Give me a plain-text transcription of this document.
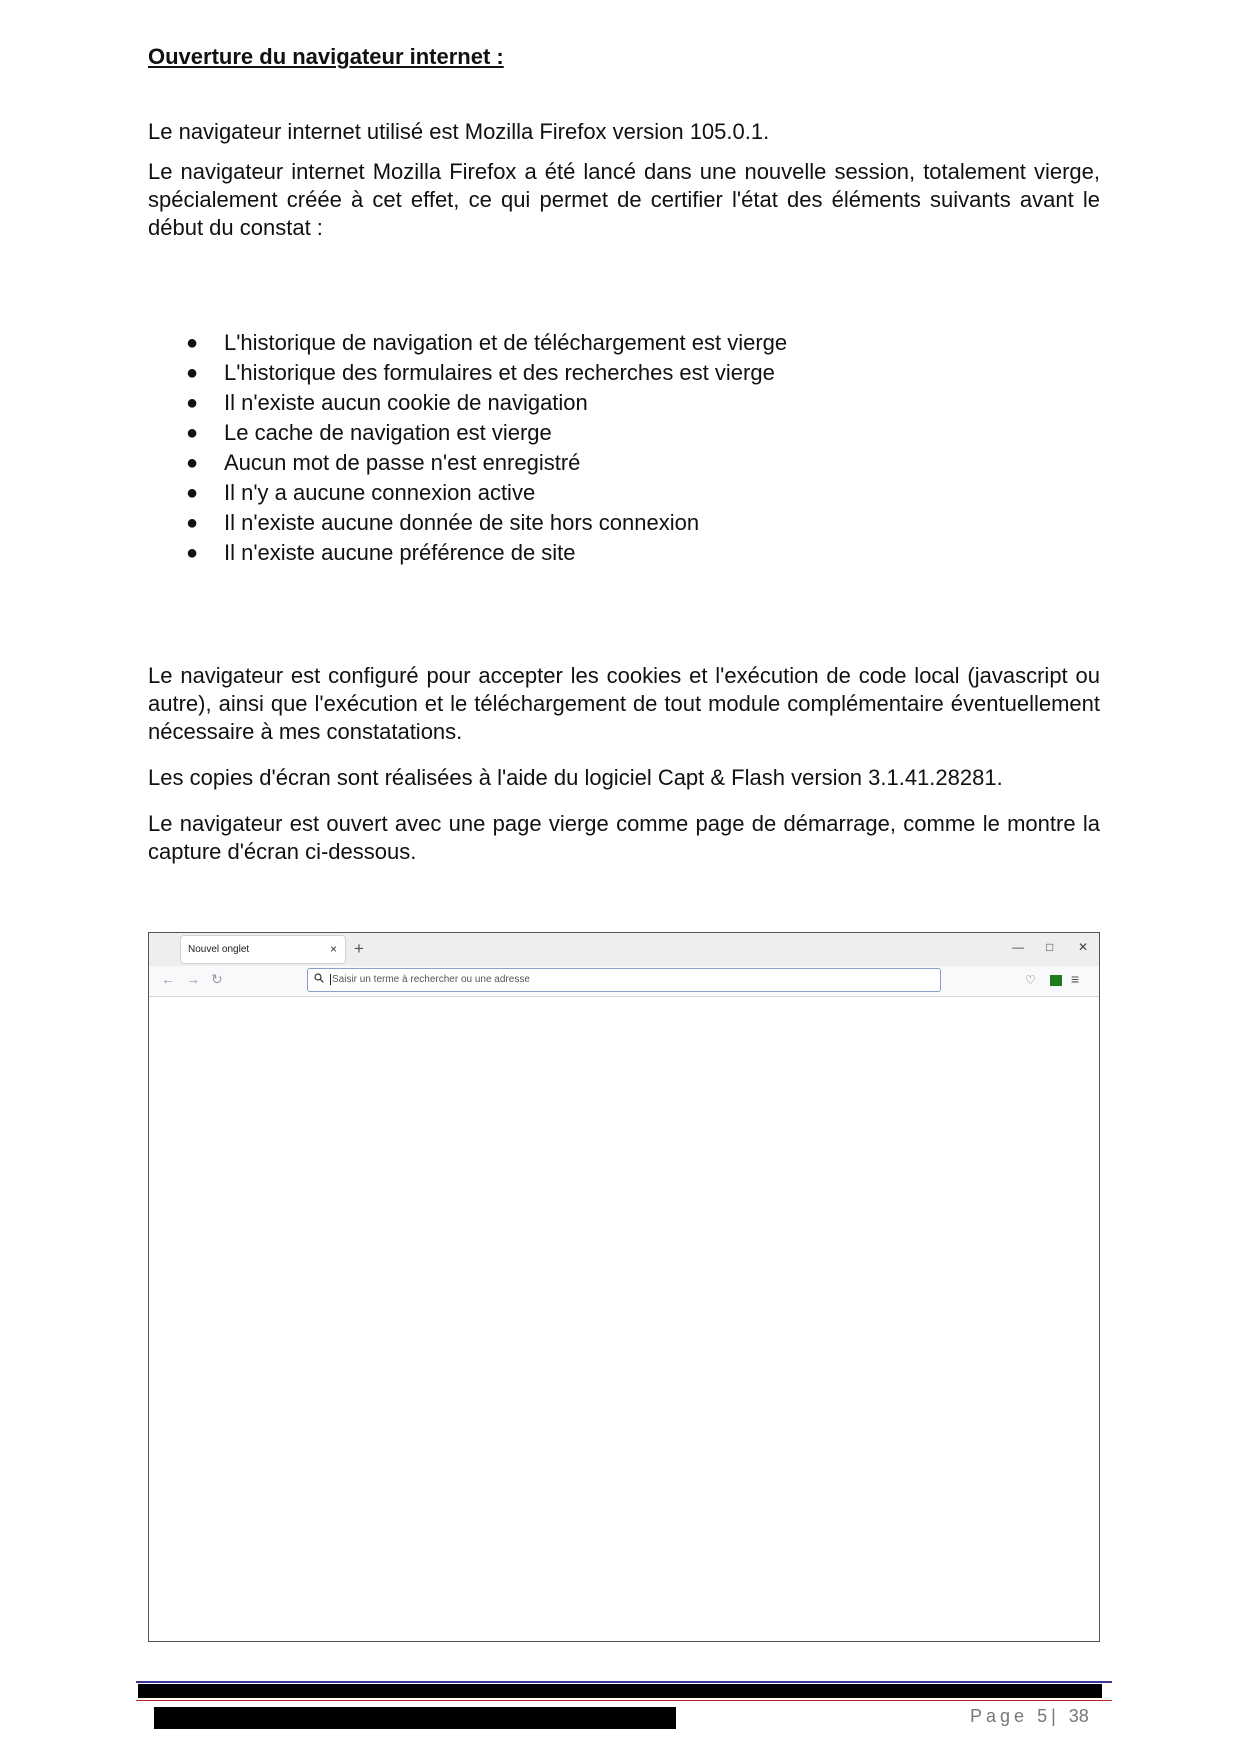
Ouverture du navigateur internet :

Le navigateur internet utilisé est Mozilla Firefox version 105.0.1.

Le navigateur internet Mozilla Firefox a été lancé dans une nouvelle session, totalement vierge, spécialement créée à cet effet, ce qui permet de certifier l'état des éléments suivants avant le début du constat :

● L'historique de navigation et de téléchargement est vierge
● L'historique des formulaires et des recherches est vierge
● Il n'existe aucun cookie de navigation
● Le cache de navigation est vierge
● Aucun mot de passe n'est enregistré
● Il n'y a aucune connexion active
● Il n'existe aucune donnée de site hors connexion
● Il n'existe aucune préférence de site

Le navigateur est configuré pour accepter les cookies et l'exécution de code local (javascript ou autre), ainsi que l'exécution et le téléchargement de tout module complémentaire éventuellement nécessaire à mes constatations.

Les copies d'écran sont réalisées à l'aide du logiciel Capt & Flash version 3.1.41.28281.

Le navigateur est ouvert avec une page vierge comme page de démarrage, comme le montre la capture d'écran ci-dessous.

Nouvel onglet	× +	— □ ✕
← → ↻	Saisir un terme à rechercher ou une adresse	♡	≡
Page 5| 38
